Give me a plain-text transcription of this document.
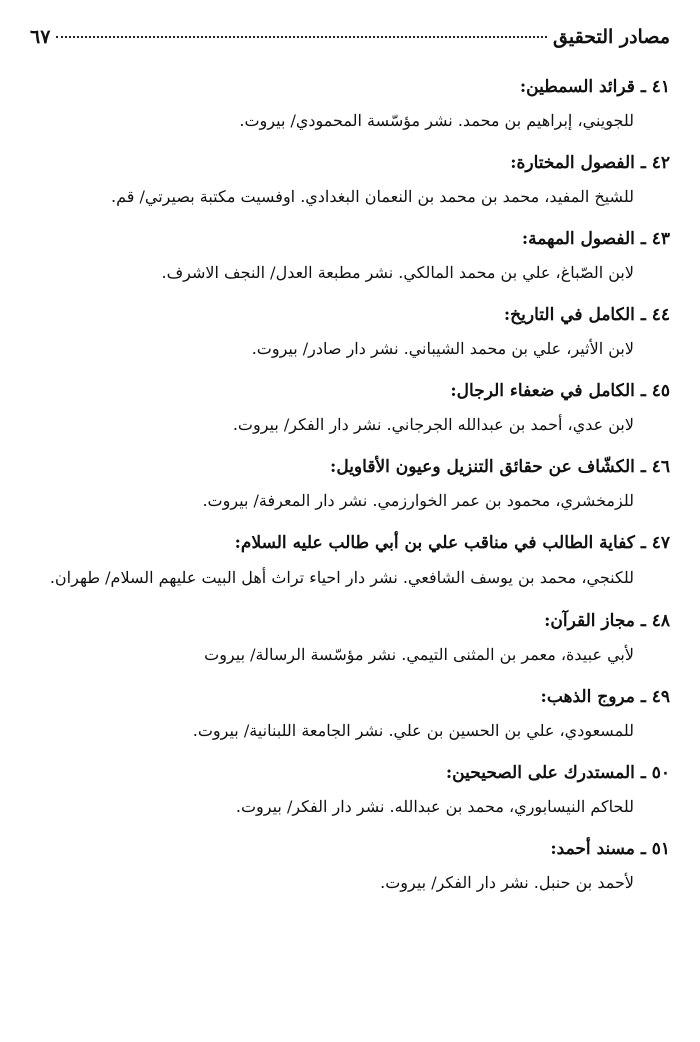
مصادر التحقيق
٦٧
٤١ ـ قرائد السمطين:
للجويني، إبراهيم بن محمد. نشر مؤسّسة المحمودي/ بيروت.
٤٢ ـ الفصول المختارة:
للشيخ المفيد، محمد بن محمد بن النعمان البغدادي. اوفسيت مكتبة بصيرتي/ قم.
٤٣ ـ الفصول المهمة:
لابن الصّباغ، علي بن محمد المالكي. نشر مطبعة العدل/ النجف الاشرف.
٤٤ ـ الكامل في التاريخ:
لابن الأثير، علي بن محمد الشيباني. نشر دار صادر/ بيروت.
٤٥ ـ الكامل في ضعفاء الرجال:
لابن عدي، أحمد بن عبدالله الجرجاني. نشر دار الفكر/ بيروت.
٤٦ ـ الكشّاف عن حقائق التنزيل وعيون الأقاويل:
للزمخشري، محمود بن عمر الخوارزمي. نشر دار المعرفة/ بيروت.
٤٧ ـ كفاية الطالب في مناقب علي بن أبي طالب عليه السلام:
للكنجي، محمد بن يوسف الشافعي. نشر دار احياء تراث أهل البيت عليهم السلام/ طهران.
٤٨ ـ مجاز القرآن:
لأبي عبيدة، معمر بن المثنى التيمي. نشر مؤسّسة الرسالة/ بيروت
٤٩ ـ مروج الذهب:
للمسعودي، علي بن الحسين بن علي. نشر الجامعة اللبنانية/ بيروت.
٥٠ ـ المستدرك على الصحيحين:
للحاكم النيسابوري، محمد بن عبدالله. نشر دار الفكر/ بيروت.
٥١ ـ مسند أحمد:
لأحمد بن حنبل. نشر دار الفكر/ بيروت.
